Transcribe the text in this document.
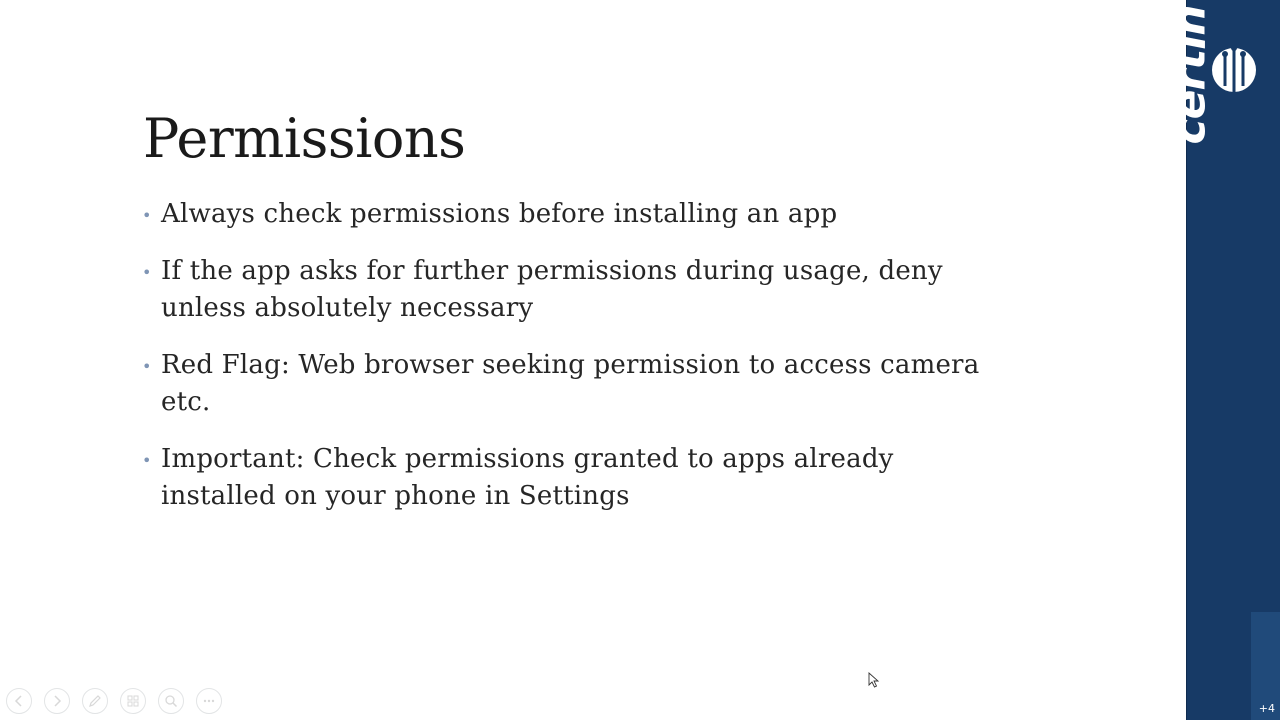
Permissions
• Always check permissions before installing an app
• If the app asks for further permissions during usage, deny unless absolutely necessary
• Red Flag: Web browser seeking permission to access camera etc.
• Important: Check permissions granted to apps already installed on your phone in Settings
certin
+4
